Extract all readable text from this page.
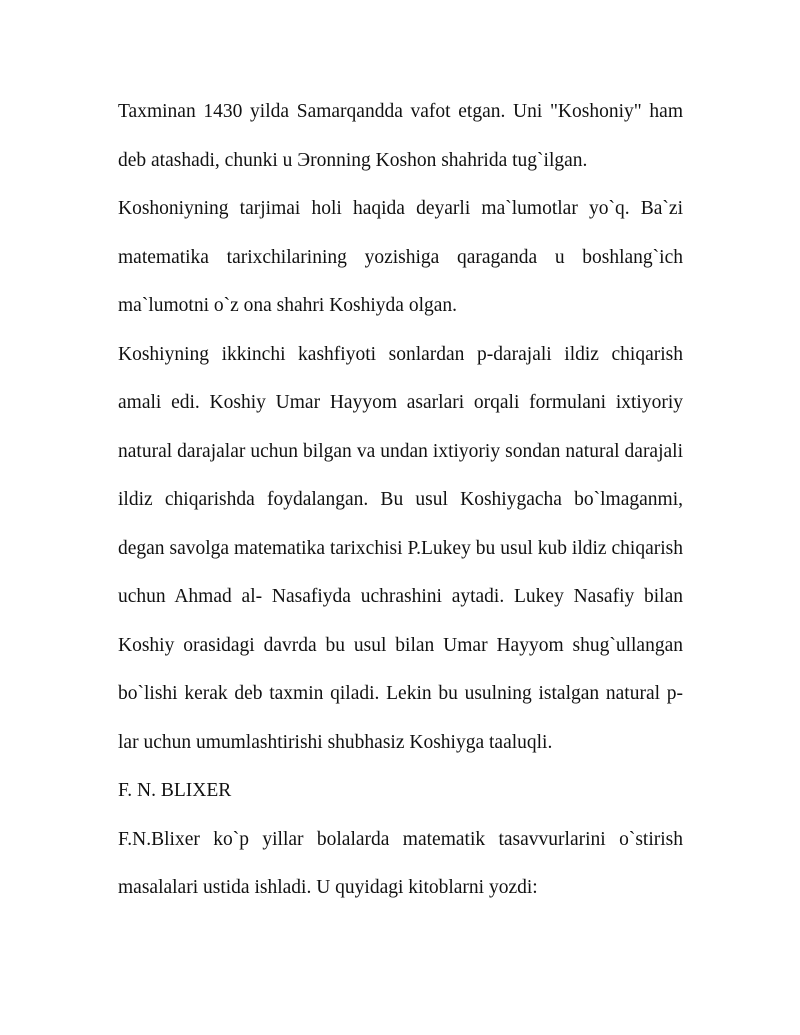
Taxminan 1430 yilda Samarqandda vafot etgan. Uni "Koshoniy" ham deb atashadi, chunki u Эronning Koshon shahrida tug`ilgan.

Koshoniyning tarjimai holi haqida deyarli ma`lumotlar yo`q. Ba`zi matematika tarixchilarining yozishiga qaraganda u boshlang`ich ma`lumotni o`z ona shahri Koshiyda olgan.

Koshiyning ikkinchi kashfiyoti sonlardan p-darajali ildiz chiqarish amali edi. Koshiy Umar Hayyom asarlari orqali formulani ixtiyoriy natural darajalar uchun bilgan va undan ixtiyoriy sondan natural darajali ildiz chiqarishda foydalangan. Bu usul Koshiygacha bo`lmaganmi, degan savolga matematika tarixchisi P.Lukey bu usul kub ildiz chiqarish uchun Ahmad al- Nasafiyda uchrashini aytadi. Lukey Nasafiy bilan Koshiy orasidagi davrda bu usul bilan Umar Hayyom shug`ullangan bo`lishi kerak deb taxmin qiladi. Lekin bu usulning istalgan natural p-lar uchun umumlashtirishi shubhasiz Koshiyga taaluqli.

F. N. BLIXER

F.N.Blixer ko`p yillar bolalarda matematik tasavvurlarini o`stirish masalalari ustida ishladi. U quyidagi kitoblarni yozdi:
